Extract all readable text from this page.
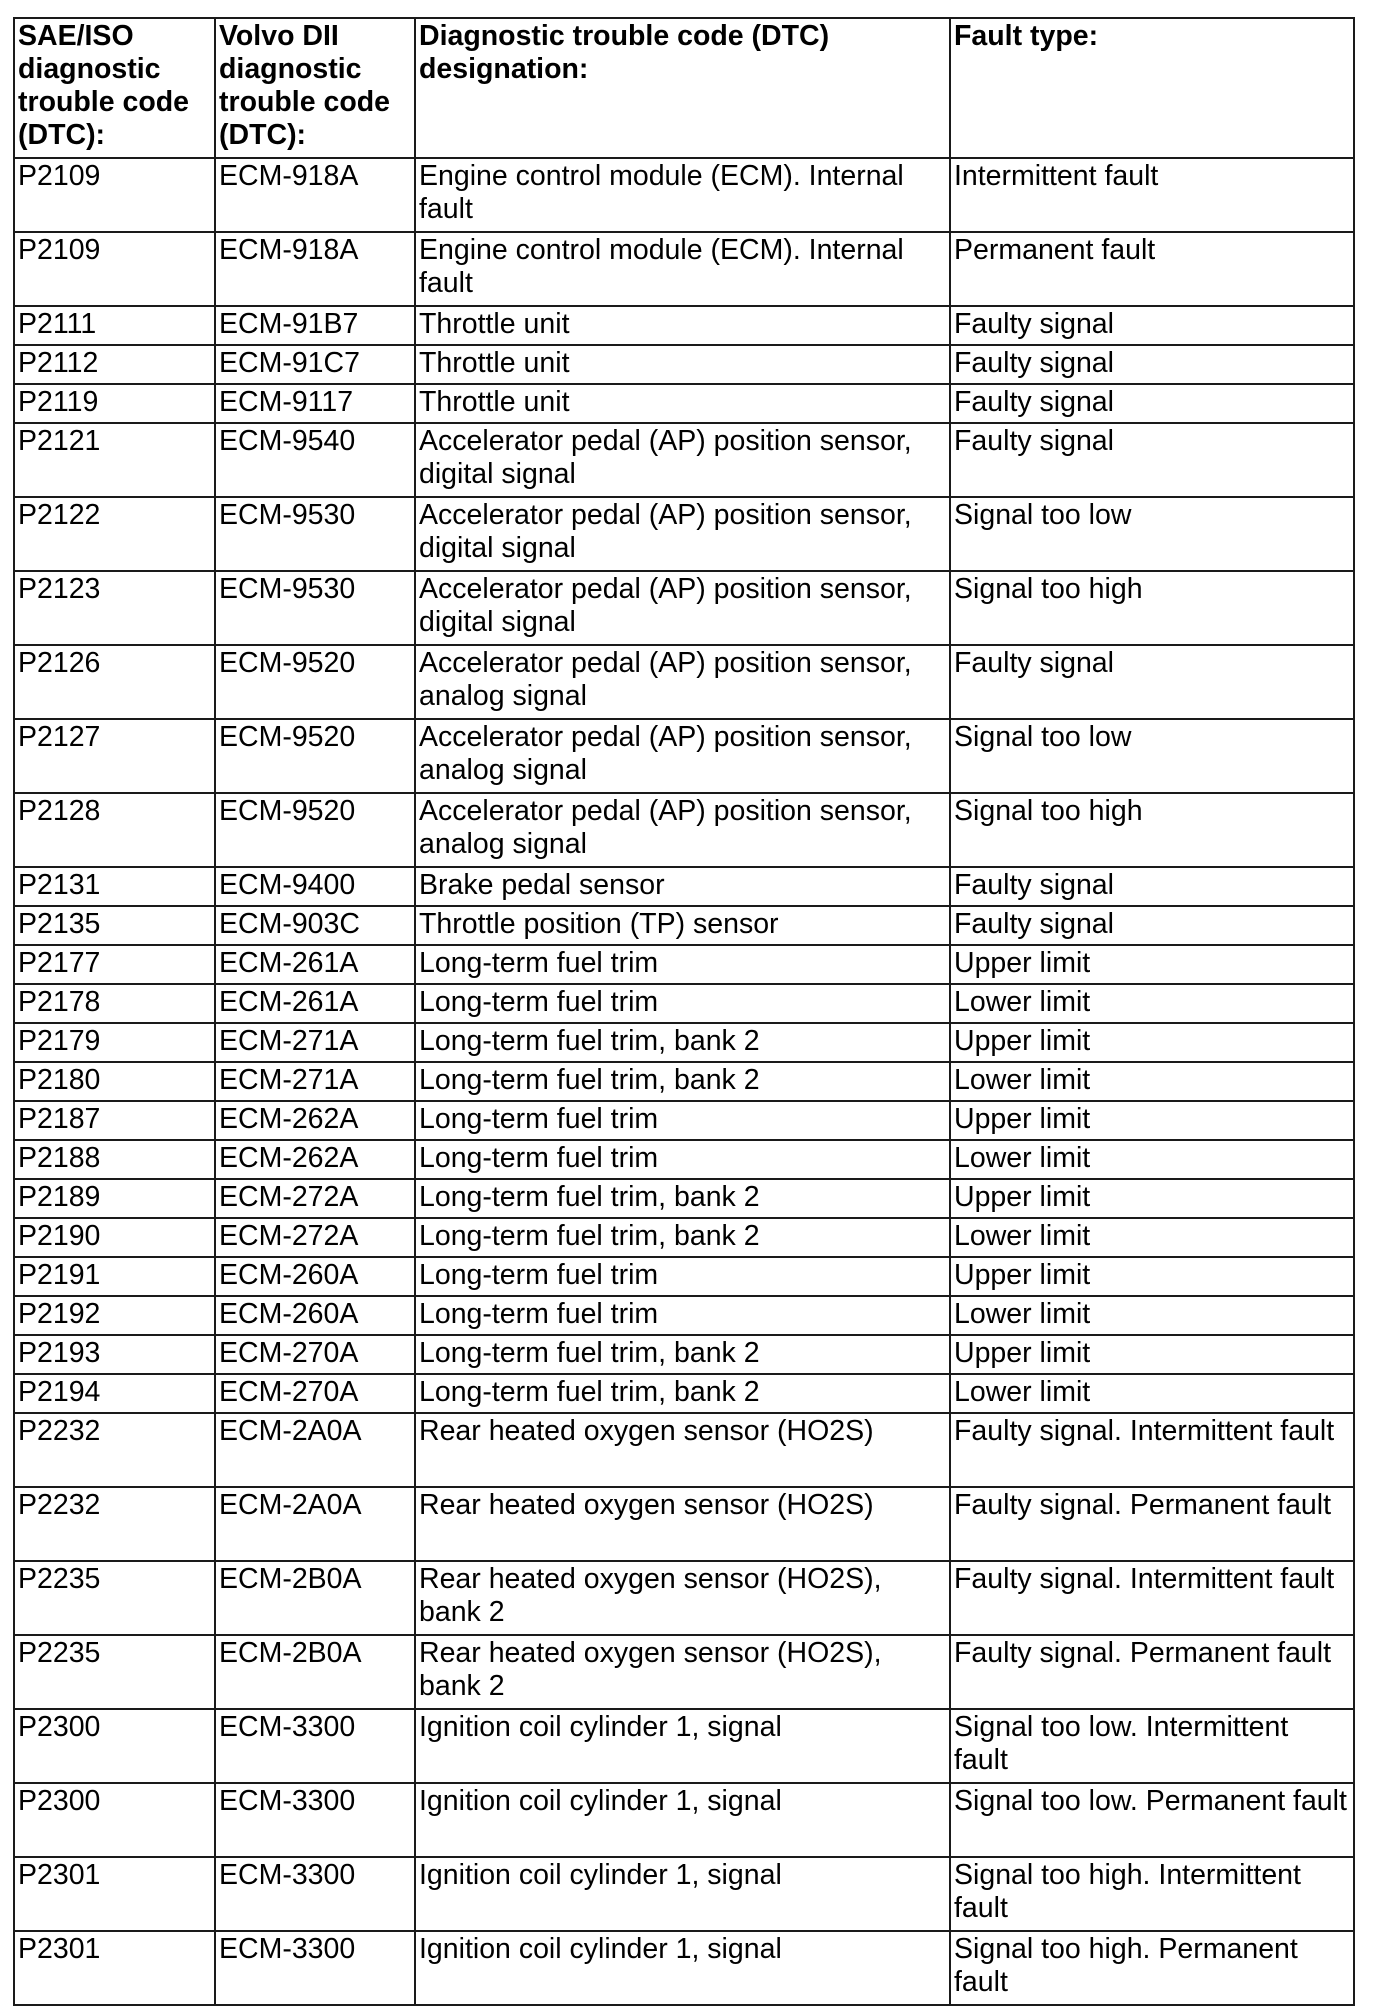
SAE/ISO diagnostic trouble code (DTC):	Volvo DII diagnostic trouble code (DTC):	Diagnostic trouble code (DTC) designation:	Fault type:
P2109	ECM-918A	Engine control module (ECM). Internal fault	Intermittent fault
P2109	ECM-918A	Engine control module (ECM). Internal fault	Permanent fault
P2111	ECM-91B7	Throttle unit	Faulty signal
P2112	ECM-91C7	Throttle unit	Faulty signal
P2119	ECM-9117	Throttle unit	Faulty signal
P2121	ECM-9540	Accelerator pedal (AP) position sensor, digital signal	Faulty signal
P2122	ECM-9530	Accelerator pedal (AP) position sensor, digital signal	Signal too low
P2123	ECM-9530	Accelerator pedal (AP) position sensor, digital signal	Signal too high
P2126	ECM-9520	Accelerator pedal (AP) position sensor, analog signal	Faulty signal
P2127	ECM-9520	Accelerator pedal (AP) position sensor, analog signal	Signal too low
P2128	ECM-9520	Accelerator pedal (AP) position sensor, analog signal	Signal too high
P2131	ECM-9400	Brake pedal sensor	Faulty signal
P2135	ECM-903C	Throttle position (TP) sensor	Faulty signal
P2177	ECM-261A	Long-term fuel trim	Upper limit
P2178	ECM-261A	Long-term fuel trim	Lower limit
P2179	ECM-271A	Long-term fuel trim, bank 2	Upper limit
P2180	ECM-271A	Long-term fuel trim, bank 2	Lower limit
P2187	ECM-262A	Long-term fuel trim	Upper limit
P2188	ECM-262A	Long-term fuel trim	Lower limit
P2189	ECM-272A	Long-term fuel trim, bank 2	Upper limit
P2190	ECM-272A	Long-term fuel trim, bank 2	Lower limit
P2191	ECM-260A	Long-term fuel trim	Upper limit
P2192	ECM-260A	Long-term fuel trim	Lower limit
P2193	ECM-270A	Long-term fuel trim, bank 2	Upper limit
P2194	ECM-270A	Long-term fuel trim, bank 2	Lower limit
P2232	ECM-2A0A	Rear heated oxygen sensor (HO2S)	Faulty signal. Intermittent fault
P2232	ECM-2A0A	Rear heated oxygen sensor (HO2S)	Faulty signal. Permanent fault
P2235	ECM-2B0A	Rear heated oxygen sensor (HO2S), bank 2	Faulty signal. Intermittent fault
P2235	ECM-2B0A	Rear heated oxygen sensor (HO2S), bank 2	Faulty signal. Permanent fault
P2300	ECM-3300	Ignition coil cylinder 1, signal	Signal too low. Intermittent fault
P2300	ECM-3300	Ignition coil cylinder 1, signal	Signal too low. Permanent fault
P2301	ECM-3300	Ignition coil cylinder 1, signal	Signal too high. Intermittent fault
P2301	ECM-3300	Ignition coil cylinder 1, signal	Signal too high. Permanent fault
